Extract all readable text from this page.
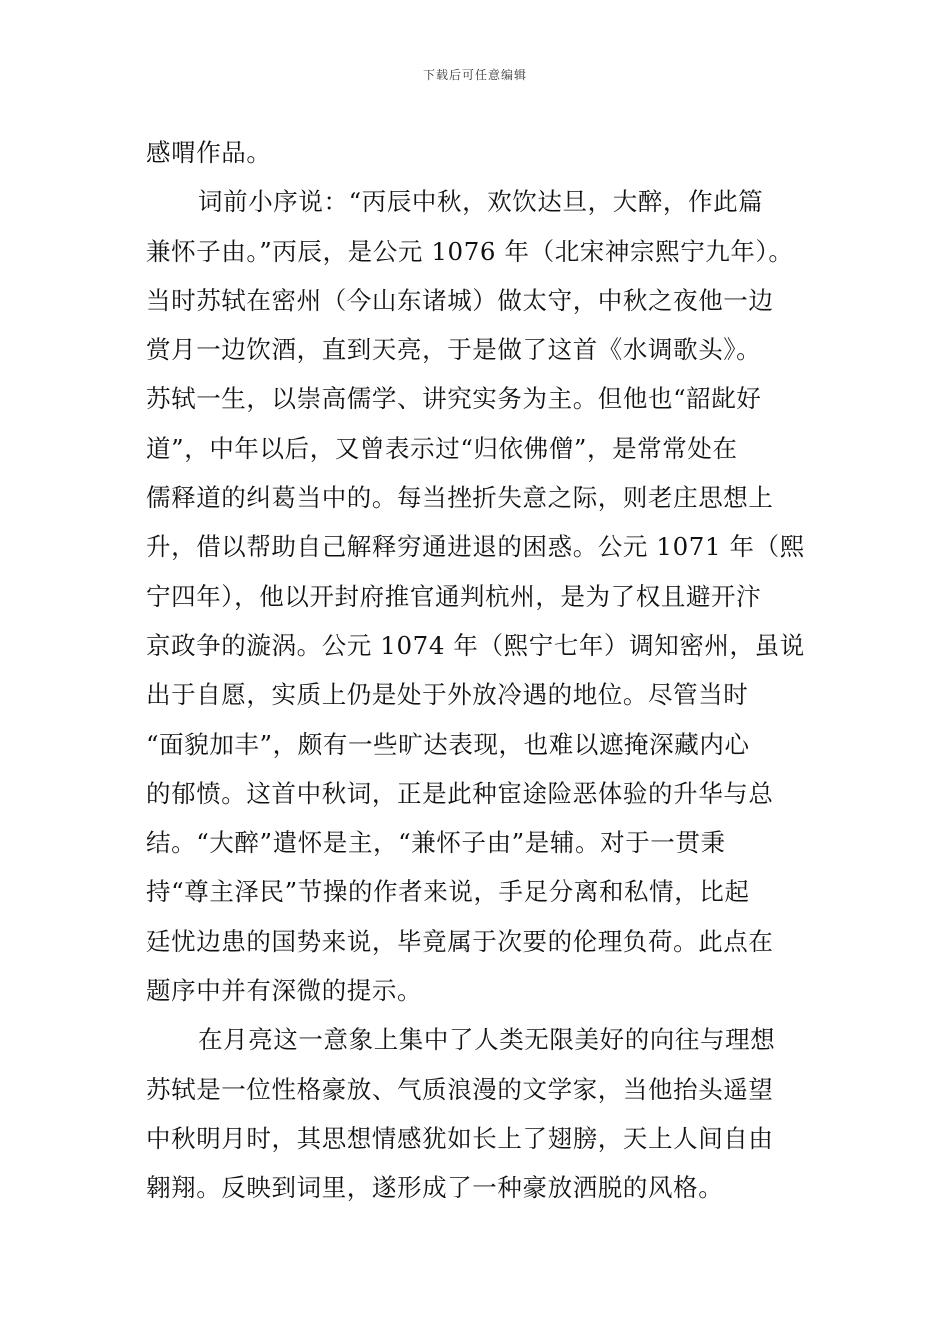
下载后可任意编辑
感喟作品。
词前小序说：“丙辰中秋，欢饮达旦，大醉，作此篇
兼怀子由。”丙辰，是公元 1076 年（北宋神宗熙宁九年）。
当时苏轼在密州（今山东诸城）做太守，中秋之夜他一边
赏月一边饮酒，直到天亮，于是做了这首《水调歌头》。
苏轼一生，以崇高儒学、讲究实务为主。但他也“韶龀好
道”，中年以后，又曾表示过“归依佛僧”，是常常处在
儒释道的纠葛当中的。每当挫折失意之际，则老庄思想上
升，借以帮助自己解释穷通进退的困惑。公元 1071 年（熙
宁四年），他以开封府推官通判杭州，是为了权且避开汴
京政争的漩涡。公元 1074 年（熙宁七年）调知密州，虽说
出于自愿，实质上仍是处于外放冷遇的地位。尽管当时
“面貌加丰”，颇有一些旷达表现，也难以遮掩深藏内心
的郁愤。这首中秋词，正是此种宦途险恶体验的升华与总
结。“大醉”遣怀是主，“兼怀子由”是辅。对于一贯秉
持“尊主泽民”节操的作者来说，手足分离和私情，比起
廷忧边患的国势来说，毕竟属于次要的伦理负荷。此点在
题序中并有深微的提示。
在月亮这一意象上集中了人类无限美好的向往与理想
苏轼是一位性格豪放、气质浪漫的文学家，当他抬头遥望
中秋明月时，其思想情感犹如长上了翅膀，天上人间自由
翱翔。反映到词里，遂形成了一种豪放洒脱的风格。
